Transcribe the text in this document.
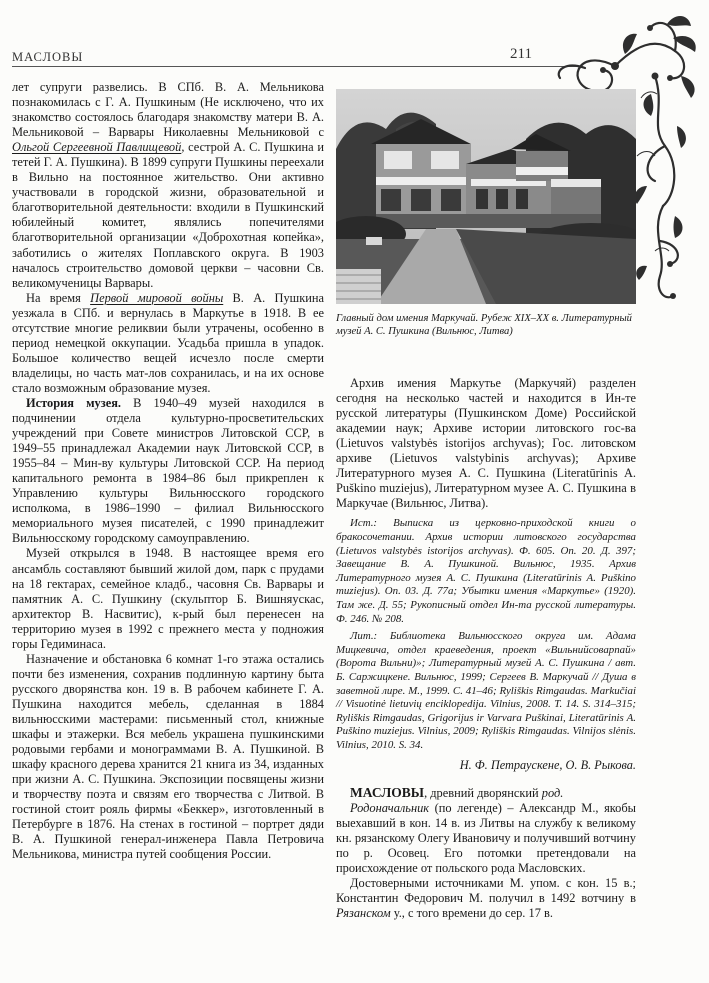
МАСЛОВЫ	211

лет супруги развелись. В СПб. В. А. Мельникова познакомилась с Г. А. Пушкиным (Не исключено, что их знакомство состоялось благодаря знакомству матери В. А. Мельниковой – Варвары Николаевны Мельниковой с Ольгой Сергеевной Павлищевой, сестрой А. С. Пушкина и тетей Г. А. Пушкина). В 1899 супруги Пушкины переехали в Вильно на постоянное жительство. Они активно участвовали в городской жизни, образовательной и благотворительной деятельности: входили в Пушкинский юбилейный комитет, являлись попечителями благотворительной организации «Доброхотная копейка», заботились о жителях Поплавского округа. В 1903 началось строительство домовой церкви – часовни Св. великомученицы Варвары.

На время Первой мировой войны В. А. Пушкина уезжала в СПб. и вернулась в Маркутье в 1918. В ее отсутствие многие реликвии были утрачены, особенно в период немецкой оккупации. Усадьба пришла в упадок. Большое количество вещей исчезло после смерти владелицы, но часть мат-лов сохранилась, и на их основе стало возможным образование музея.

История музея. В 1940–49 музей находился в подчинении отдела культурно-просветительских учреждений при Совете министров Литовской ССР, в 1949–55 принадлежал Академии наук Литовской ССР, в 1955–84 – Мин-ву культуры Литовской ССР. На период капитального ремонта в 1984–86 был прикреплен к Управлению культуры Вильнюсского городского исполкома, в 1986–1990 – филиал Вильнюсского мемориального музея писателей, с 1990 принадлежит Вильнюсскому городскому самоуправлению.

Музей открылся в 1948. В настоящее время его ансамбль составляют бывший жилой дом, парк с прудами на 18 гектарах, семейное кладб., часовня Св. Варвары и памятник А. С. Пушкину (скульптор Б. Вишняускас, архитектор В. Насвитис), к-рый был перенесен на территорию музея в 1992 с прежнего места у подножия горы Гедиминаса.

Назначение и обстановка 6 комнат 1-го этажа остались почти без изменения, сохранив подлинную картину быта русского дворянства кон. 19 в. В рабочем кабинете Г. А. Пушкина находится мебель, сделанная в 1884 вильнюсскими мастерами: письменный стол, книжные шкафы и этажерки. Вся мебель украшена пушкинскими родовыми гербами и монограммами В. А. Пушкиной. В шкафу красного дерева хранится 21 книга из 34, изданных при жизни А. С. Пушкина. Экспозиции посвящены жизни и творчеству поэта и связям его творчества с Литвой. В гостиной стоит рояль фирмы «Беккер», изготовленный в Петербурге в 1876. На стенах в гостиной – портрет дяди В. А. Пушкиной генерал-инженера Павла Петровича Мельникова, министра путей сообщения России.

Главный дом имения Маркучай. Рубеж XIX–XX в. Литературный музей А. С. Пушкина (Вильнюс, Литва)

Архив имения Маркутье (Маркучяй) разделен сегодня на несколько частей и находится в Ин-те русской литературы (Пушкинском Доме) Российской академии наук; Архиве истории литовского гос-ва (Lietuvos valstybės istorijos archyvas); Гос. литовском архиве (Lietuvos valstybinis archyvas); Архиве Литературного музея А. С. Пушкина (Literatūrinis A. Puškino muziejus), Литературном музее А. С. Пушкина в Маркучае (Вильнюс, Литва).

Ист.: Выписка из церковно-приходской книги о бракосочетании. Архив истории литовского государства (Lietuvos valstybės istorijos archyvas). Ф. 605. Оп. 20. Д. 397; Завещание В. А. Пушкиной. Вильнюс, 1935. Архив Литературного музея А. С. Пушкина (Literatūrinis A. Puškino muziejus). Оп. 03. Д. 77а; Убытки имения «Маркутье» (1920). Там же. Д. 55; Рукописный отдел Ин-та русской литературы. Ф. 246. № 208.

Лит.: Библиотека Вильнюсского округа им. Адама Мицкевича, отдел краеведения, проект «Вильнийсоварпай» (Ворота Вильни)»; Литературный музей А. С. Пушкина / авт. Б. Саржицкене. Вильнюс, 1999; Сергеев В. Маркучай // Душа в заветной лире. М., 1999. С. 41–46; Ryliškis Rimgaudas. Markučiai // Visuotinė lietuvių enciklopedija. Vilnius, 2008. T. 14. S. 314–315; Ryliškis Rimgaudas, Grigorijus ir Varvara Puškinai, Literatūrinis A. Puškino muziejus. Vilnius, 2009; Ryliškis Rimgaudas. Vilnijos slėnis. Vilnius, 2010. S. 34.

Н. Ф. Петраускене, О. В. Рыкова.

МАСЛОВЫ, древний дворянский род.

Родоначальник (по легенде) – Александр М., якобы выехавший в кон. 14 в. из Литвы на службу к великому кн. рязанскому Олегу Ивановичу и получивший вотчину по р. Осовец. Его потомки претендовали на происхождение от польского рода Масловских.

Достоверными источниками М. упом. с кон. 15 в.; Константин Федорович М. получил в 1492 вотчину в Рязанском у., с того времени до сер. 17 в.
